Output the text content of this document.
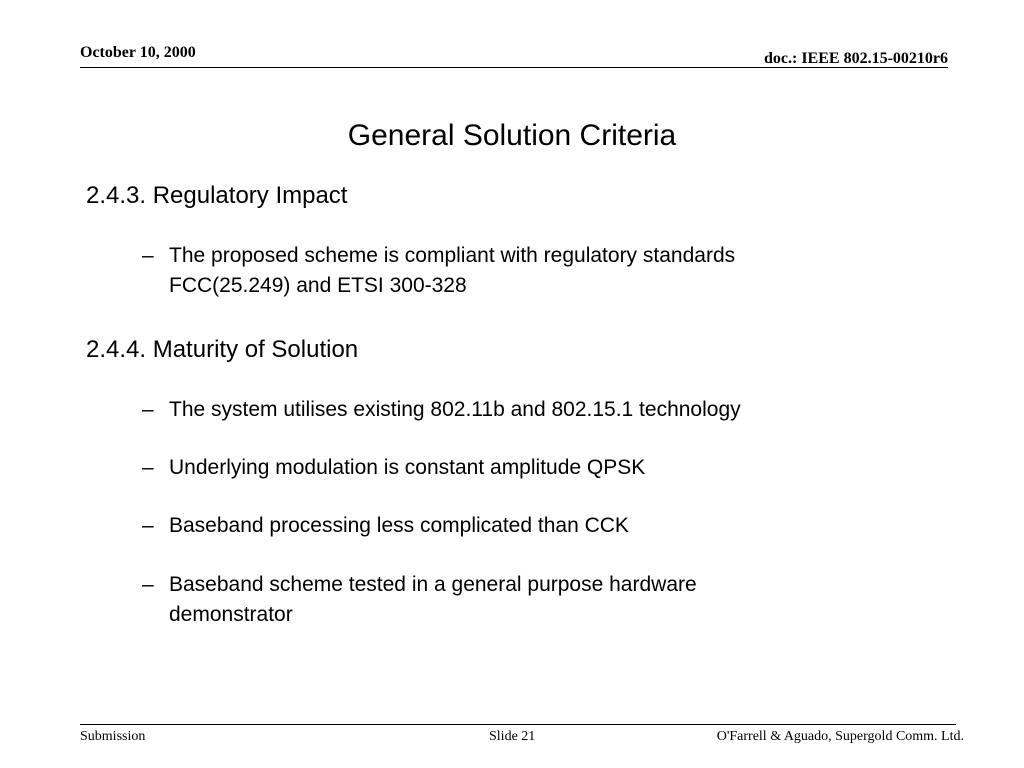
October 10, 2000	doc.: IEEE 802.15-00210r6
General Solution Criteria
2.4.3. Regulatory Impact
– The proposed scheme is compliant with regulatory standards
FCC(25.249) and ETSI 300-328
2.4.4. Maturity of Solution
– The system utilises existing 802.11b and 802.15.1 technology
– Underlying modulation is constant amplitude QPSK
– Baseband processing less complicated than CCK
– Baseband scheme tested in a general purpose hardware
demonstrator
Submission	Slide 21	O'Farrell & Aguado, Supergold Comm. Ltd.
